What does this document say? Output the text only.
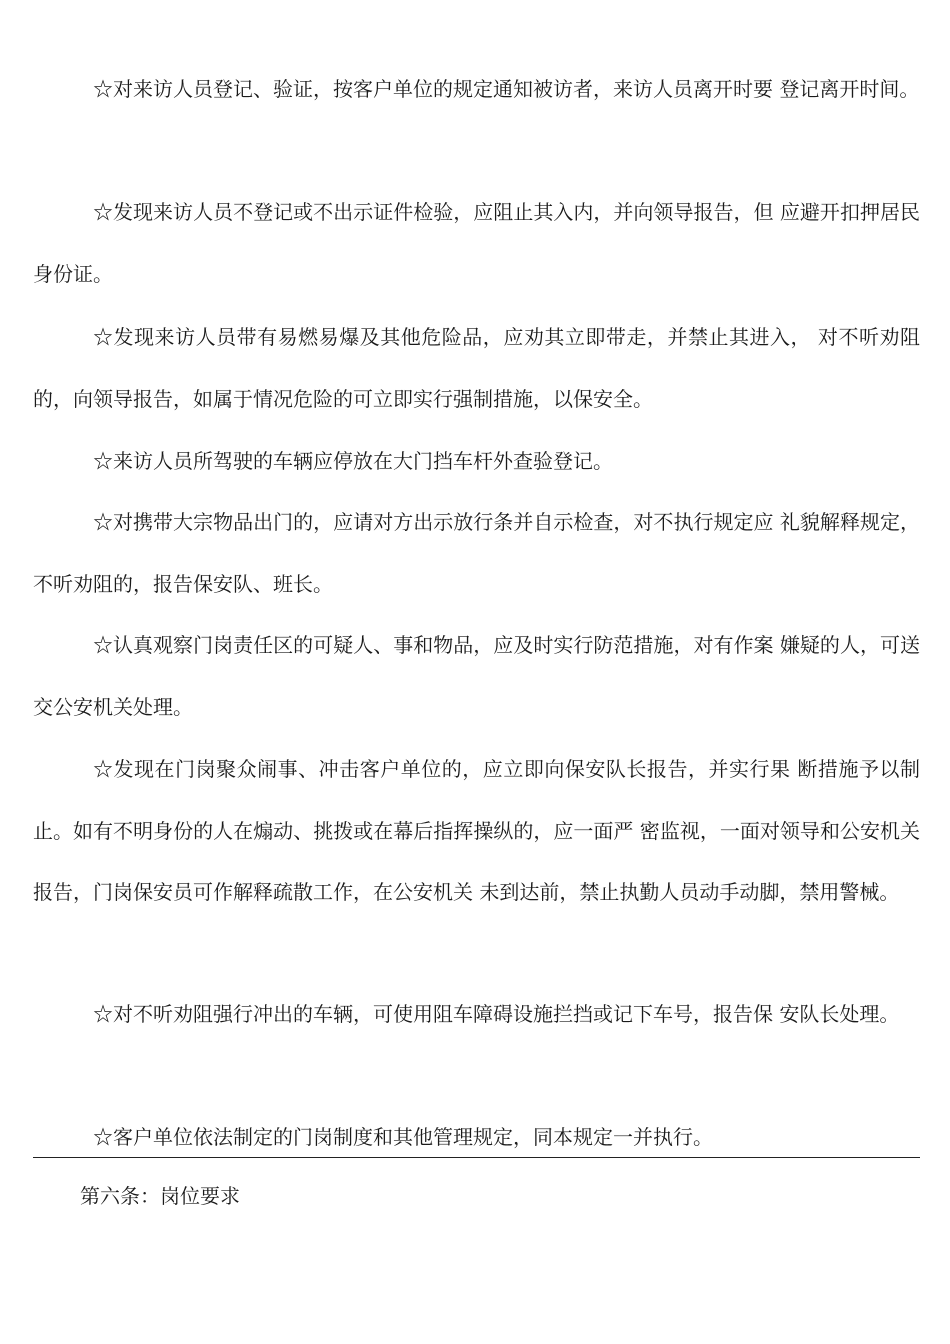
☆对来访人员登记、验证，按客户单位的规定通知被访者，来访人员离开时要 登记离开时间。

☆发现来访人员不登记或不出示证件检验，应阻止其入内，并向领导报告，但 应避开扣押居民身份证。

☆发现来访人员带有易燃易爆及其他危险品，应劝其立即带走，并禁止其进入， 对不听劝阻的，向领导报告，如属于情况危险的可立即实行强制措施，以保安全。

☆来访人员所驾驶的车辆应停放在大门挡车杆外查验登记。

☆对携带大宗物品出门的，应请对方出示放行条并自示检查，对不执行规定应 礼貌解释规定，不听劝阻的，报告保安队、班长。

☆认真观察门岗责任区的可疑人、事和物品，应及时实行防范措施，对有作案 嫌疑的人，可送交公安机关处理。

☆发现在门岗聚众闹事、冲击客户单位的，应立即向保安队长报告，并实行果 断措施予以制止。如有不明身份的人在煽动、挑拨或在幕后指挥操纵的，应一面严 密监视，一面对领导和公安机关报告，门岗保安员可作解释疏散工作，在公安机关 未到达前，禁止执勤人员动手动脚，禁用警械。

☆对不听劝阻强行冲出的车辆，可使用阻车障碍设施拦挡或记下车号，报告保 安队长处理。

☆客户单位依法制定的门岗制度和其他管理规定，同本规定一并执行。

第六条：岗位要求
